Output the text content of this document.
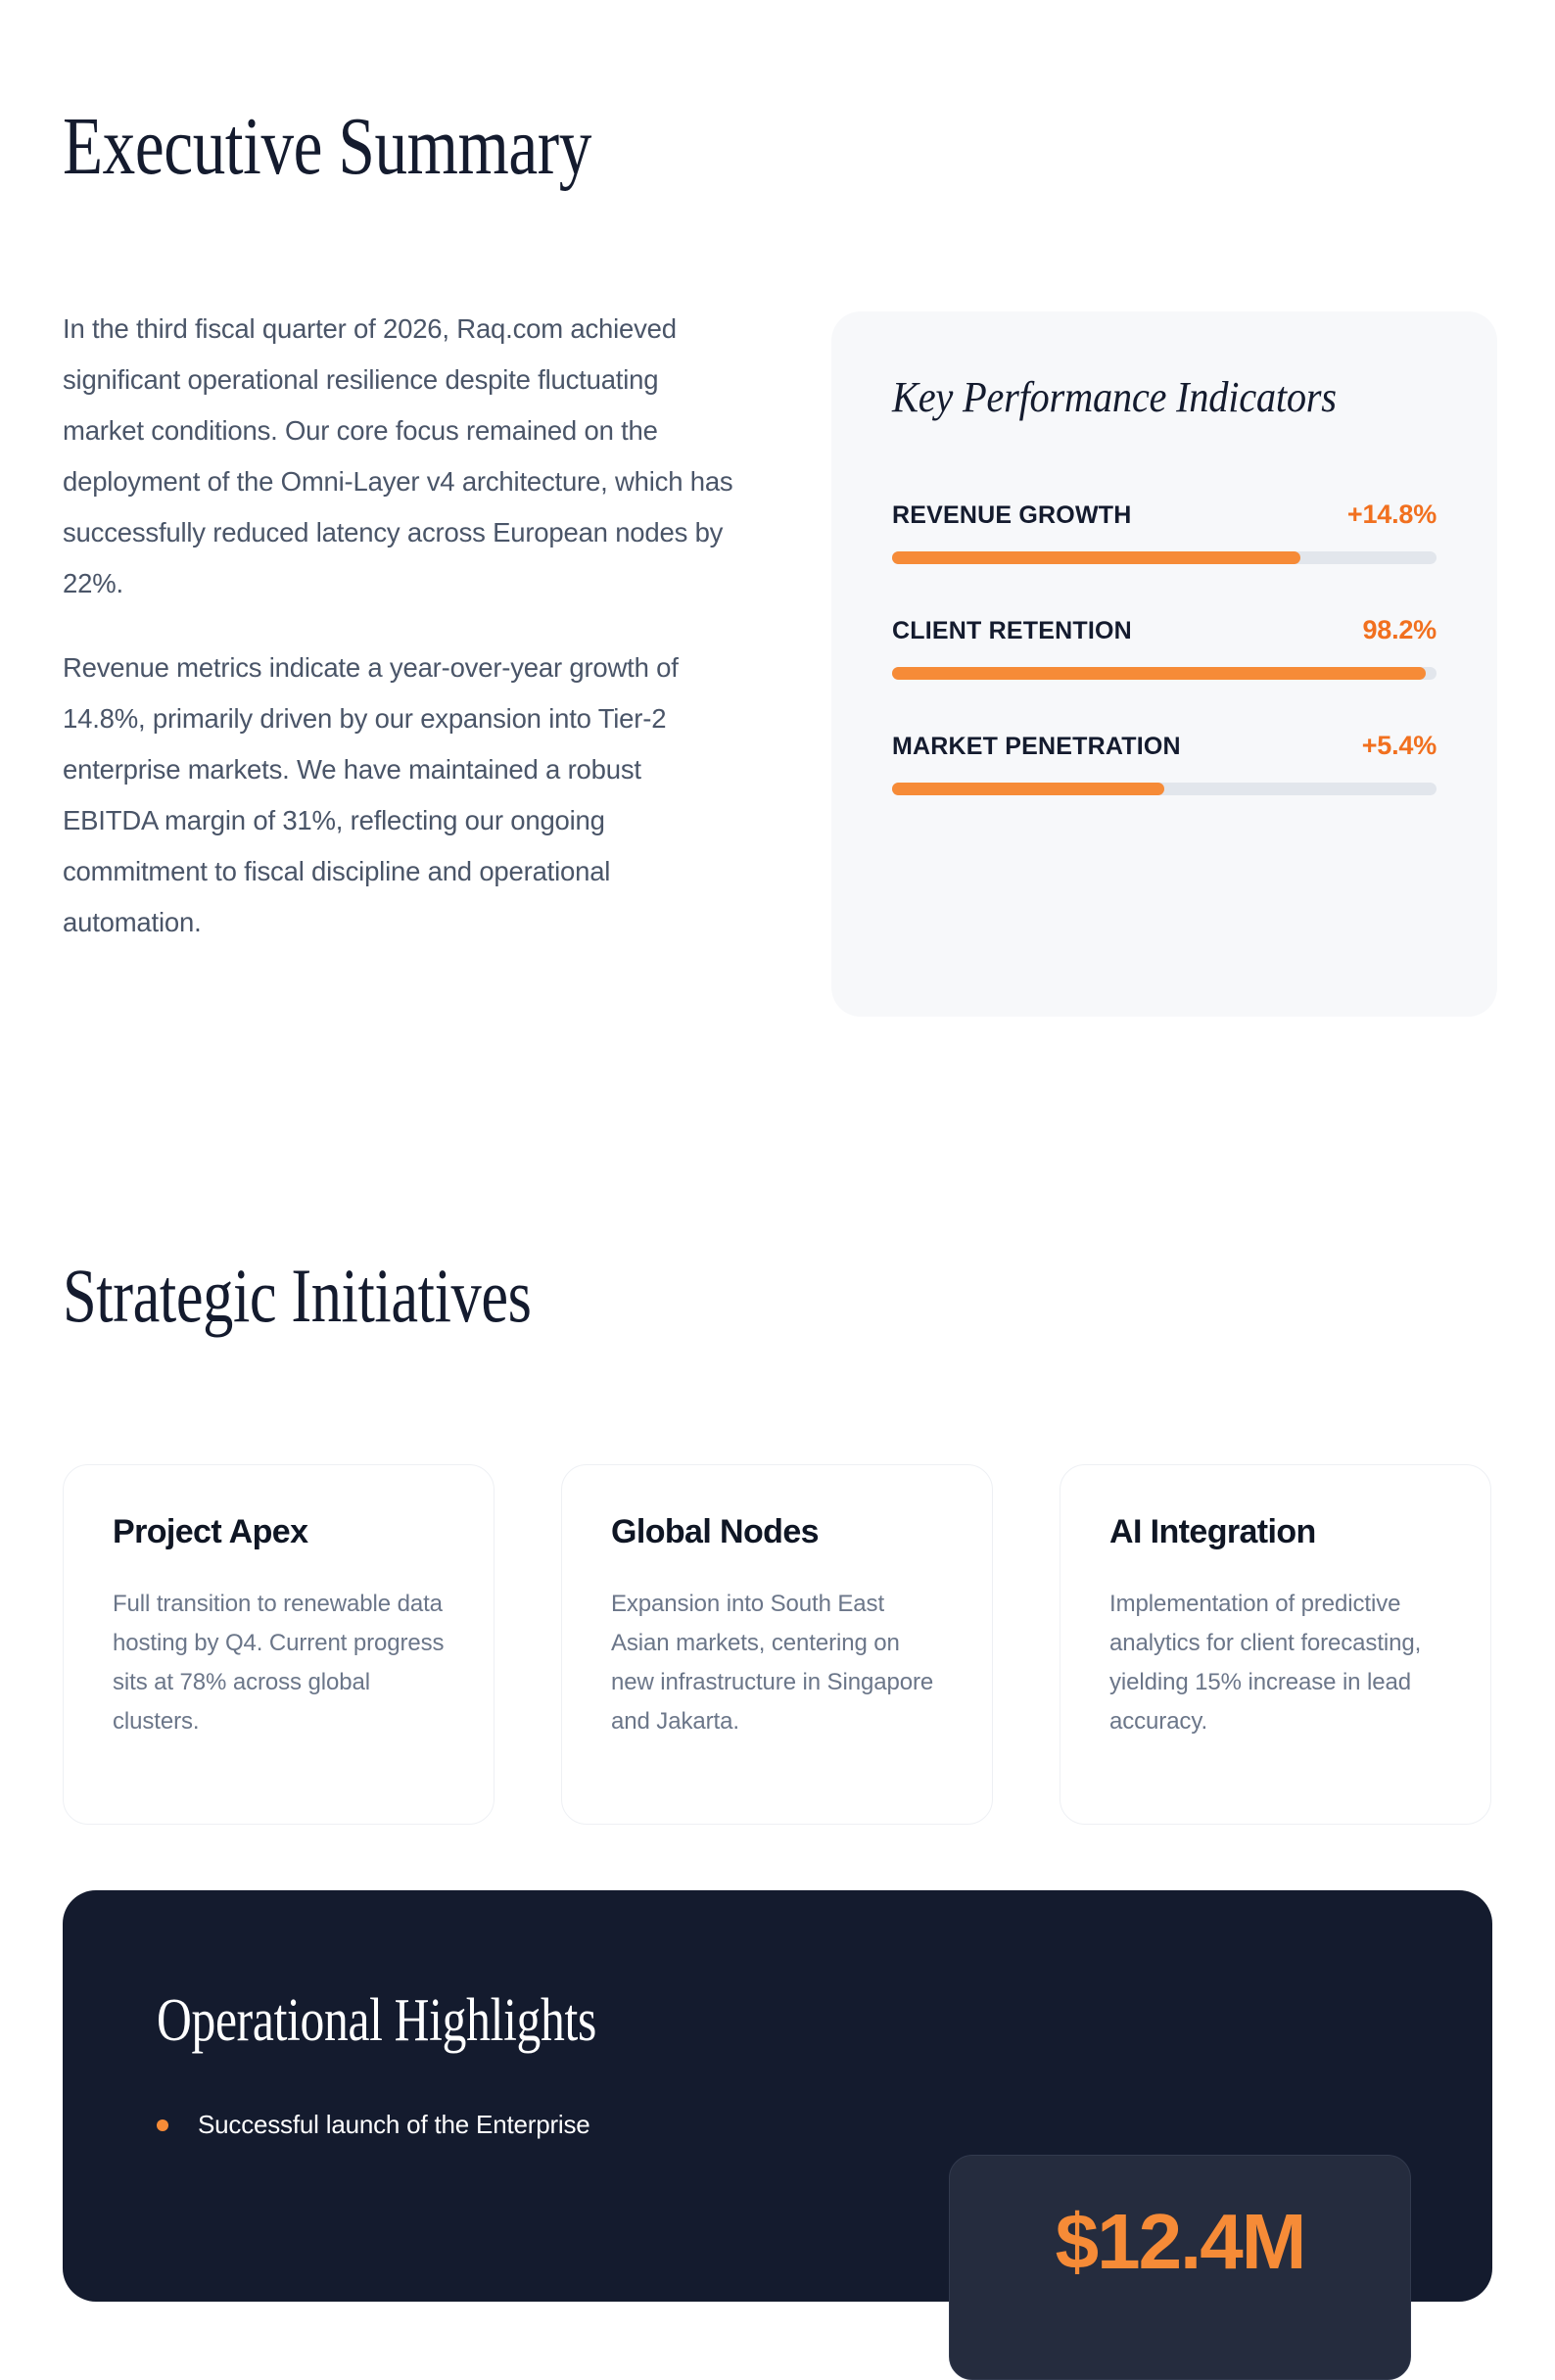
Executive Summary

In the third fiscal quarter of 2026, Raq.com achieved significant operational resilience despite fluctuating market conditions. Our core focus remained on the deployment of the Omni-Layer v4 architecture, which has successfully reduced latency across European nodes by 22%.

Revenue metrics indicate a year-over-year growth of 14.8%, primarily driven by our expansion into Tier-2 enterprise markets. We have maintained a robust EBITDA margin of 31%, reflecting our ongoing commitment to fiscal discipline and operational automation.

Key Performance Indicators
REVENUE GROWTH	+14.8%
CLIENT RETENTION	98.2%
MARKET PENETRATION	+5.4%
Strategic Initiatives
Project Apex

Full transition to renewable data hosting by Q4. Current progress sits at 78% across global clusters.

Global Nodes

Expansion into South East Asian markets, centering on new infrastructure in Singapore and Jakarta.

AI Integration

Implementation of predictive analytics for client forecasting, yielding 15% increase in lead accuracy.

Operational Highlights
Successful launch of the Enterprise
$12.4M
